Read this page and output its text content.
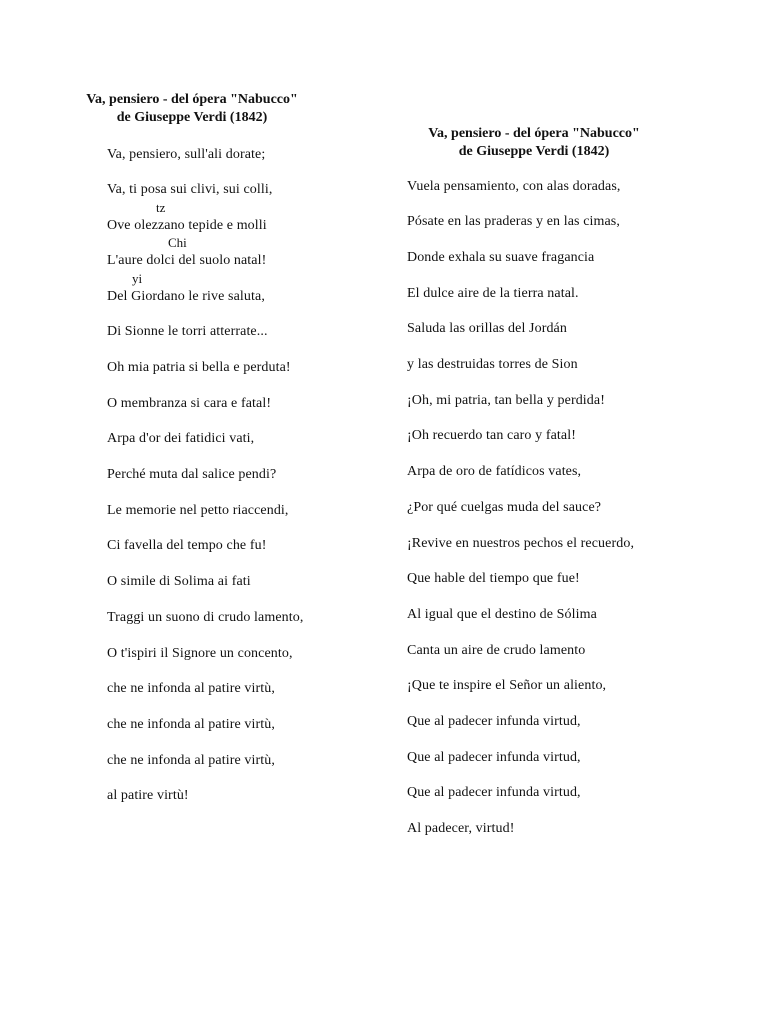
Va, pensiero - del ópera "Nabucco"
de Giuseppe Verdi (1842)
Va, pensiero, sull'ali dorate;
Va, ti posa sui clivi, sui colli,
tz
Ove olezzano tepide e molli
Chi
L'aure dolci del suolo natal!
yi
Del Giordano le rive saluta,
Di Sionne le torri atterrate...
Oh mia patria si bella e perduta!
O membranza si cara e fatal!
Arpa d'or dei fatidici vati,
Perché muta dal salice pendi?
Le memorie nel petto riaccendi,
Ci favella del tempo che fu!
O simile di Solima ai fati
Traggi un suono di crudo lamento,
O t'ispiri il Signore un concento,
che ne infonda al patire virtù,
che ne infonda al patire virtù,
che ne infonda al patire virtù,
al patire virtù!
Va, pensiero - del ópera "Nabucco"
de Giuseppe Verdi (1842)
Vuela pensamiento, con alas doradas,
Pósate en las praderas y en las cimas,
Donde exhala su suave fragancia
El dulce aire de la tierra natal.
Saluda las orillas del Jordán
y las destruidas torres de Sion
¡Oh, mi patria, tan bella y perdida!
¡Oh recuerdo tan caro y fatal!
Arpa de oro de fatídicos vates,
¿Por qué cuelgas muda del sauce?
¡Revive en nuestros pechos el recuerdo,
Que hable del tiempo que fue!
Al igual que el destino de Sólima
Canta un aire de crudo lamento
¡Que te inspire el Señor un aliento,
Que al padecer infunda virtud,
Que al padecer infunda virtud,
Que al padecer infunda virtud,
Al padecer, virtud!
